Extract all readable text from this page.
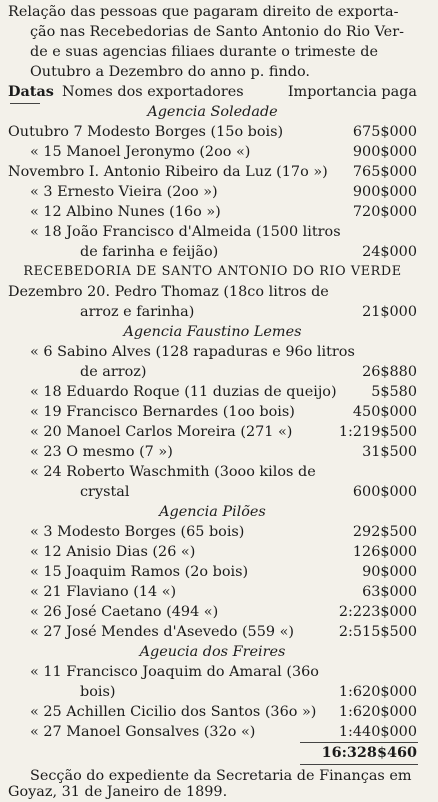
Relação das pessoas que pagaram direito de exporta-
ção nas Recebedorias de Santo Antonio do Rio Ver-
de e suas agencias filiaes durante o trimeste de
Outubro a Dezembro do anno p. findo.
Datas Nomes dos exportadores	Importancia paga
Agencia Soledade
Outubro 7 Modesto Borges (15o bois)	675$000
« 15 Manoel Jeronymo (2oo «)	900$000
Novembro I. Antonio Ribeiro da Luz (17o ») 765$000
« 3 Ernesto Vieira (2oo »)	900$000
« 12 Albino Nunes (16o »)	720$000
« 18 João Francisco d'Almeida (1500 litros
de farinha e feijão)	24$000
RECEBEDORIA DE SANTO ANTONIO DO RIO VERDE
Dezembro 20. Pedro Thomaz (18co litros de
arroz e farinha)	21$000
Agencia Faustino Lemes
« 6 Sabino Alves (128 rapaduras e 96o litros
de arroz)	26$880
« 18 Eduardo Roque (11 duzias de queijo) 5$580
« 19 Francisco Bernardes (1oo bois)	450$000
« 20 Manoel Carlos Moreira (271 «)	1:219$500
« 23 O mesmo (7 »)	31$500
« 24 Roberto Waschmith (3ooo kilos de
crystal	600$000
Agencia Pilões
« 3 Modesto Borges (65 bois)	292$500
« 12 Anisio Dias (26 «)	126$000
« 15 Joaquim Ramos (2o bois)	90$000
« 21 Flaviano (14 «)	63$000
« 26 José Caetano (494 «)	2:223$000
« 27 José Mendes d'Asevedo (559 «)	2:515$500
Ageucia dos Freires
« 11 Francisco Joaquim do Amaral (36o
bois)	1:620$000
« 25 Achillen Cicilio dos Santos (36o ») 1:620$000
« 27 Manoel Gonsalves (32o «)	1:440$000
16:328$460
Secção do expediente da Secretaria de Finanças em
Goyaz, 31 de Janeiro de 1899.
